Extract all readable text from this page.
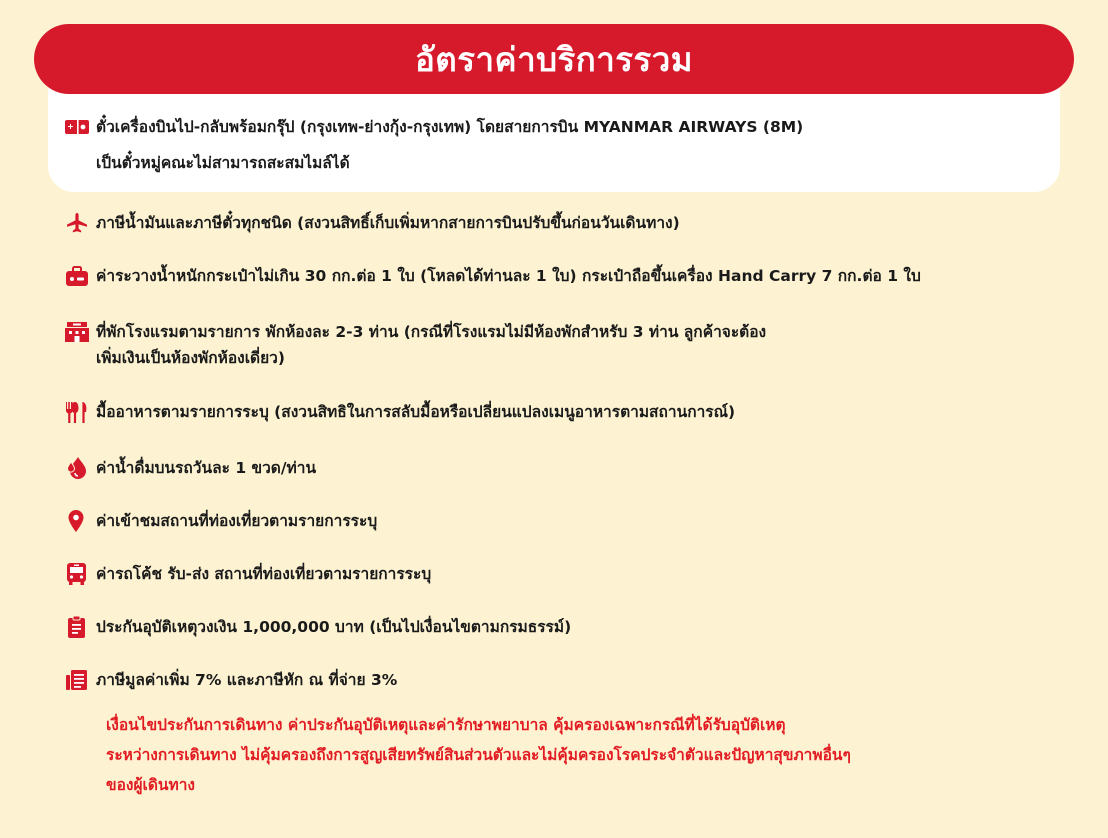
อัตราค่าบริการรวม
ตั๋วเครื่องบินไป-กลับพร้อมกรุ๊ป (กรุงเทพ-ย่างกุ้ง-กรุงเทพ) โดยสายการบิน MYANMAR AIRWAYS (8M)
เป็นตั๋วหมู่คณะไม่สามารถสะสมไมล์ได้
ภาษีน้ำมันและภาษีตั๋วทุกชนิด (สงวนสิทธิ์เก็บเพิ่มหากสายการบินปรับขึ้นก่อนวันเดินทาง)
ค่าระวางน้ำหนักกระเป๋าไม่เกิน 30 กก.ต่อ 1 ใบ (โหลดได้ท่านละ 1 ใบ) กระเป๋าถือขึ้นเครื่อง Hand Carry 7 กก.ต่อ 1 ใบ
ที่พักโรงแรมตามรายการ พักห้องละ 2-3 ท่าน (กรณีที่โรงแรมไม่มีห้องพักสำหรับ 3 ท่าน ลูกค้าจะต้อง
เพิ่มเงินเป็นห้องพักห้องเดี่ยว)
มื้ออาหารตามรายการระบุ (สงวนสิทธิในการสลับมื้อหรือเปลี่ยนแปลงเมนูอาหารตามสถานการณ์)
ค่าน้ำดื่มบนรถวันละ 1 ขวด/ท่าน
ค่าเข้าชมสถานที่ท่องเที่ยวตามรายการระบุ
ค่ารถโค้ช รับ-ส่ง สถานที่ท่องเที่ยวตามรายการระบุ
ประกันอุบัติเหตุวงเงิน 1,000,000 บาท (เป็นไปเงื่อนไขตามกรมธรรม์)
ภาษีมูลค่าเพิ่ม 7% และภาษีหัก ณ ที่จ่าย 3%
เงื่อนไขประกันการเดินทาง ค่าประกันอุบัติเหตุและค่ารักษาพยาบาล คุ้มครองเฉพาะกรณีที่ได้รับอุบัติเหตุ
ระหว่างการเดินทาง ไม่คุ้มครองถึงการสูญเสียทรัพย์สินส่วนตัวและไม่คุ้มครองโรคประจำตัวและปัญหาสุขภาพอื่นๆ
ของผู้เดินทาง
